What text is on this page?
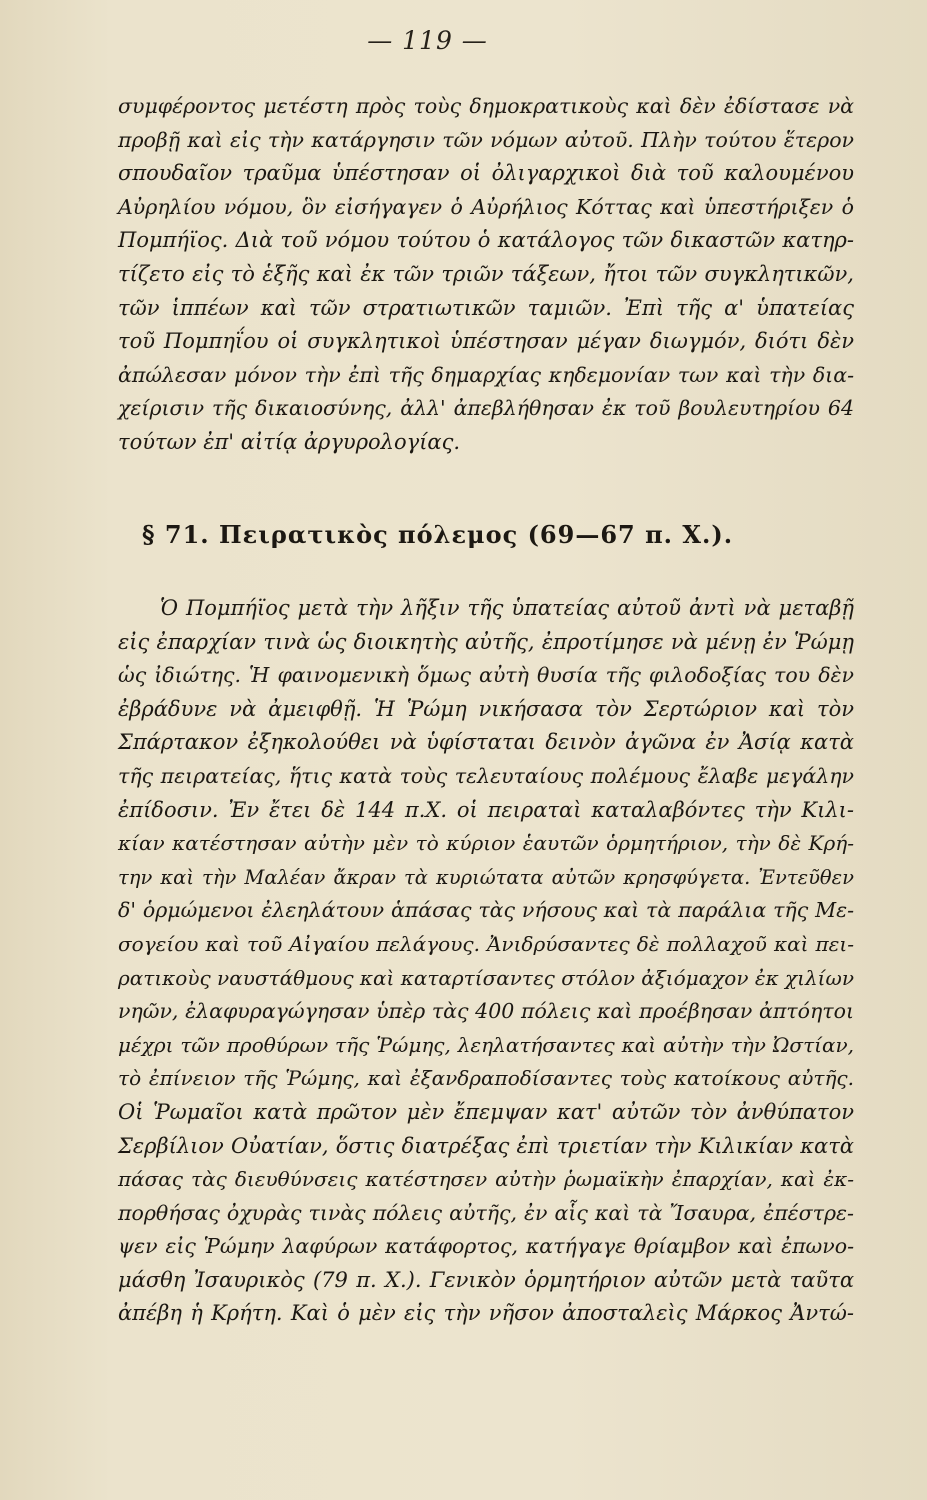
— 119 —
συμφέροντος μετέστη πρὸς τοὺς δημοκρατικοὺς καὶ δὲν ἐδίστασε νὰ
προβῇ καὶ εἰς τὴν κατάργησιν τῶν νόμων αὐτοῦ. Πλὴν τούτου ἕτερον
σπουδαῖον τραῦμα ὑπέστησαν οἱ ὀλιγαρχικοὶ διὰ τοῦ καλουμένου
Αὐρηλίου νόμου, ὃν εἰσήγαγεν ὁ Αὐρήλιος Κόττας καὶ ὑπεστήριξεν ὁ
Πομπήϊος. Διὰ τοῦ νόμου τούτου ὁ κατάλογος τῶν δικαστῶν κατηρ-
τίζετο εἰς τὸ ἑξῆς καὶ ἐκ τῶν τριῶν τάξεων, ἤτοι τῶν συγκλητικῶν,
τῶν ἱππέων καὶ τῶν στρατιωτικῶν ταμιῶν. Ἐπὶ τῆς α' ὑπατείας
τοῦ Πομπηΐου οἱ συγκλητικοὶ ὑπέστησαν μέγαν διωγμόν, διότι δὲν
ἀπώλεσαν μόνον τὴν ἐπὶ τῆς δημαρχίας κηδεμονίαν των καὶ τὴν δια-
χείρισιν τῆς δικαιοσύνης, ἀλλ' ἀπεβλήθησαν ἐκ τοῦ βουλευτηρίου 64
τούτων ἐπ' αἰτίᾳ ἀργυρολογίας.
§ 71. Πειρατικὸς πόλεμος (69—67 π. Χ.).
Ὁ Πομπήϊος μετὰ τὴν λῆξιν τῆς ὑπατείας αὐτοῦ ἀντὶ νὰ μεταβῇ
εἰς ἐπαρχίαν τινὰ ὡς διοικητὴς αὐτῆς, ἐπροτίμησε νὰ μένῃ ἐν Ῥώμῃ
ὡς ἰδιώτης. Ἡ φαινομενικὴ ὅμως αὐτὴ θυσία τῆς φιλοδοξίας του δὲν
ἐβράδυνε νὰ ἀμειφθῇ. Ἡ Ῥώμη νικήσασα τὸν Σερτώριον καὶ τὸν
Σπάρτακον ἐξηκολούθει νὰ ὑφίσταται δεινὸν ἀγῶνα ἐν Ἀσίᾳ κατὰ
τῆς πειρατείας, ἥτις κατὰ τοὺς τελευταίους πολέμους ἔλαβε μεγάλην
ἐπίδοσιν. Ἐν ἔτει δὲ 144 π.Χ. οἱ πειραταὶ καταλαβόντες τὴν Κιλι-
κίαν κατέστησαν αὐτὴν μὲν τὸ κύριον ἑαυτῶν ὁρμητήριον, τὴν δὲ Κρή-
την καὶ τὴν Μαλέαν ἄκραν τὰ κυριώτατα αὐτῶν κρησφύγετα. Ἐντεῦθεν
δ' ὁρμώμενοι ἐλεηλάτουν ἁπάσας τὰς νήσους καὶ τὰ παράλια τῆς Με-
σογείου καὶ τοῦ Αἰγαίου πελάγους. Ἀνιδρύσαντες δὲ πολλαχοῦ καὶ πει-
ρατικοὺς ναυστάθμους καὶ καταρτίσαντες στόλον ἀξιόμαχον ἐκ χιλίων
νηῶν, ἐλαφυραγώγησαν ὑπὲρ τὰς 400 πόλεις καὶ προέβησαν ἀπτόητοι
μέχρι τῶν προθύρων τῆς Ῥώμης, λεηλατήσαντες καὶ αὐτὴν τὴν Ὠστίαν,
τὸ ἐπίνειον τῆς Ῥώμης, καὶ ἐξανδραποδίσαντες τοὺς κατοίκους αὐτῆς.
Οἱ Ῥωμαῖοι κατὰ πρῶτον μὲν ἔπεμψαν κατ' αὐτῶν τὸν ἀνθύπατον
Σερβίλιον Οὐατίαν, ὅστις διατρέξας ἐπὶ τριετίαν τὴν Κιλικίαν κατὰ
πάσας τὰς διευθύνσεις κατέστησεν αὐτὴν ῥωμαϊκὴν ἐπαρχίαν, καὶ ἐκ-
πορθήσας ὀχυρὰς τινὰς πόλεις αὐτῆς, ἐν αἷς καὶ τὰ Ἴσαυρα, ἐπέστρε-
ψεν εἰς Ῥώμην λαφύρων κατάφορτος, κατήγαγε θρίαμβον καὶ ἐπωνο-
μάσθη Ἰσαυρικὸς (79 π. Χ.). Γενικὸν ὁρμητήριον αὐτῶν μετὰ ταῦτα
ἀπέβη ἡ Κρήτη. Καὶ ὁ μὲν εἰς τὴν νῆσον ἀποσταλεὶς Μάρκος Ἀντώ-
